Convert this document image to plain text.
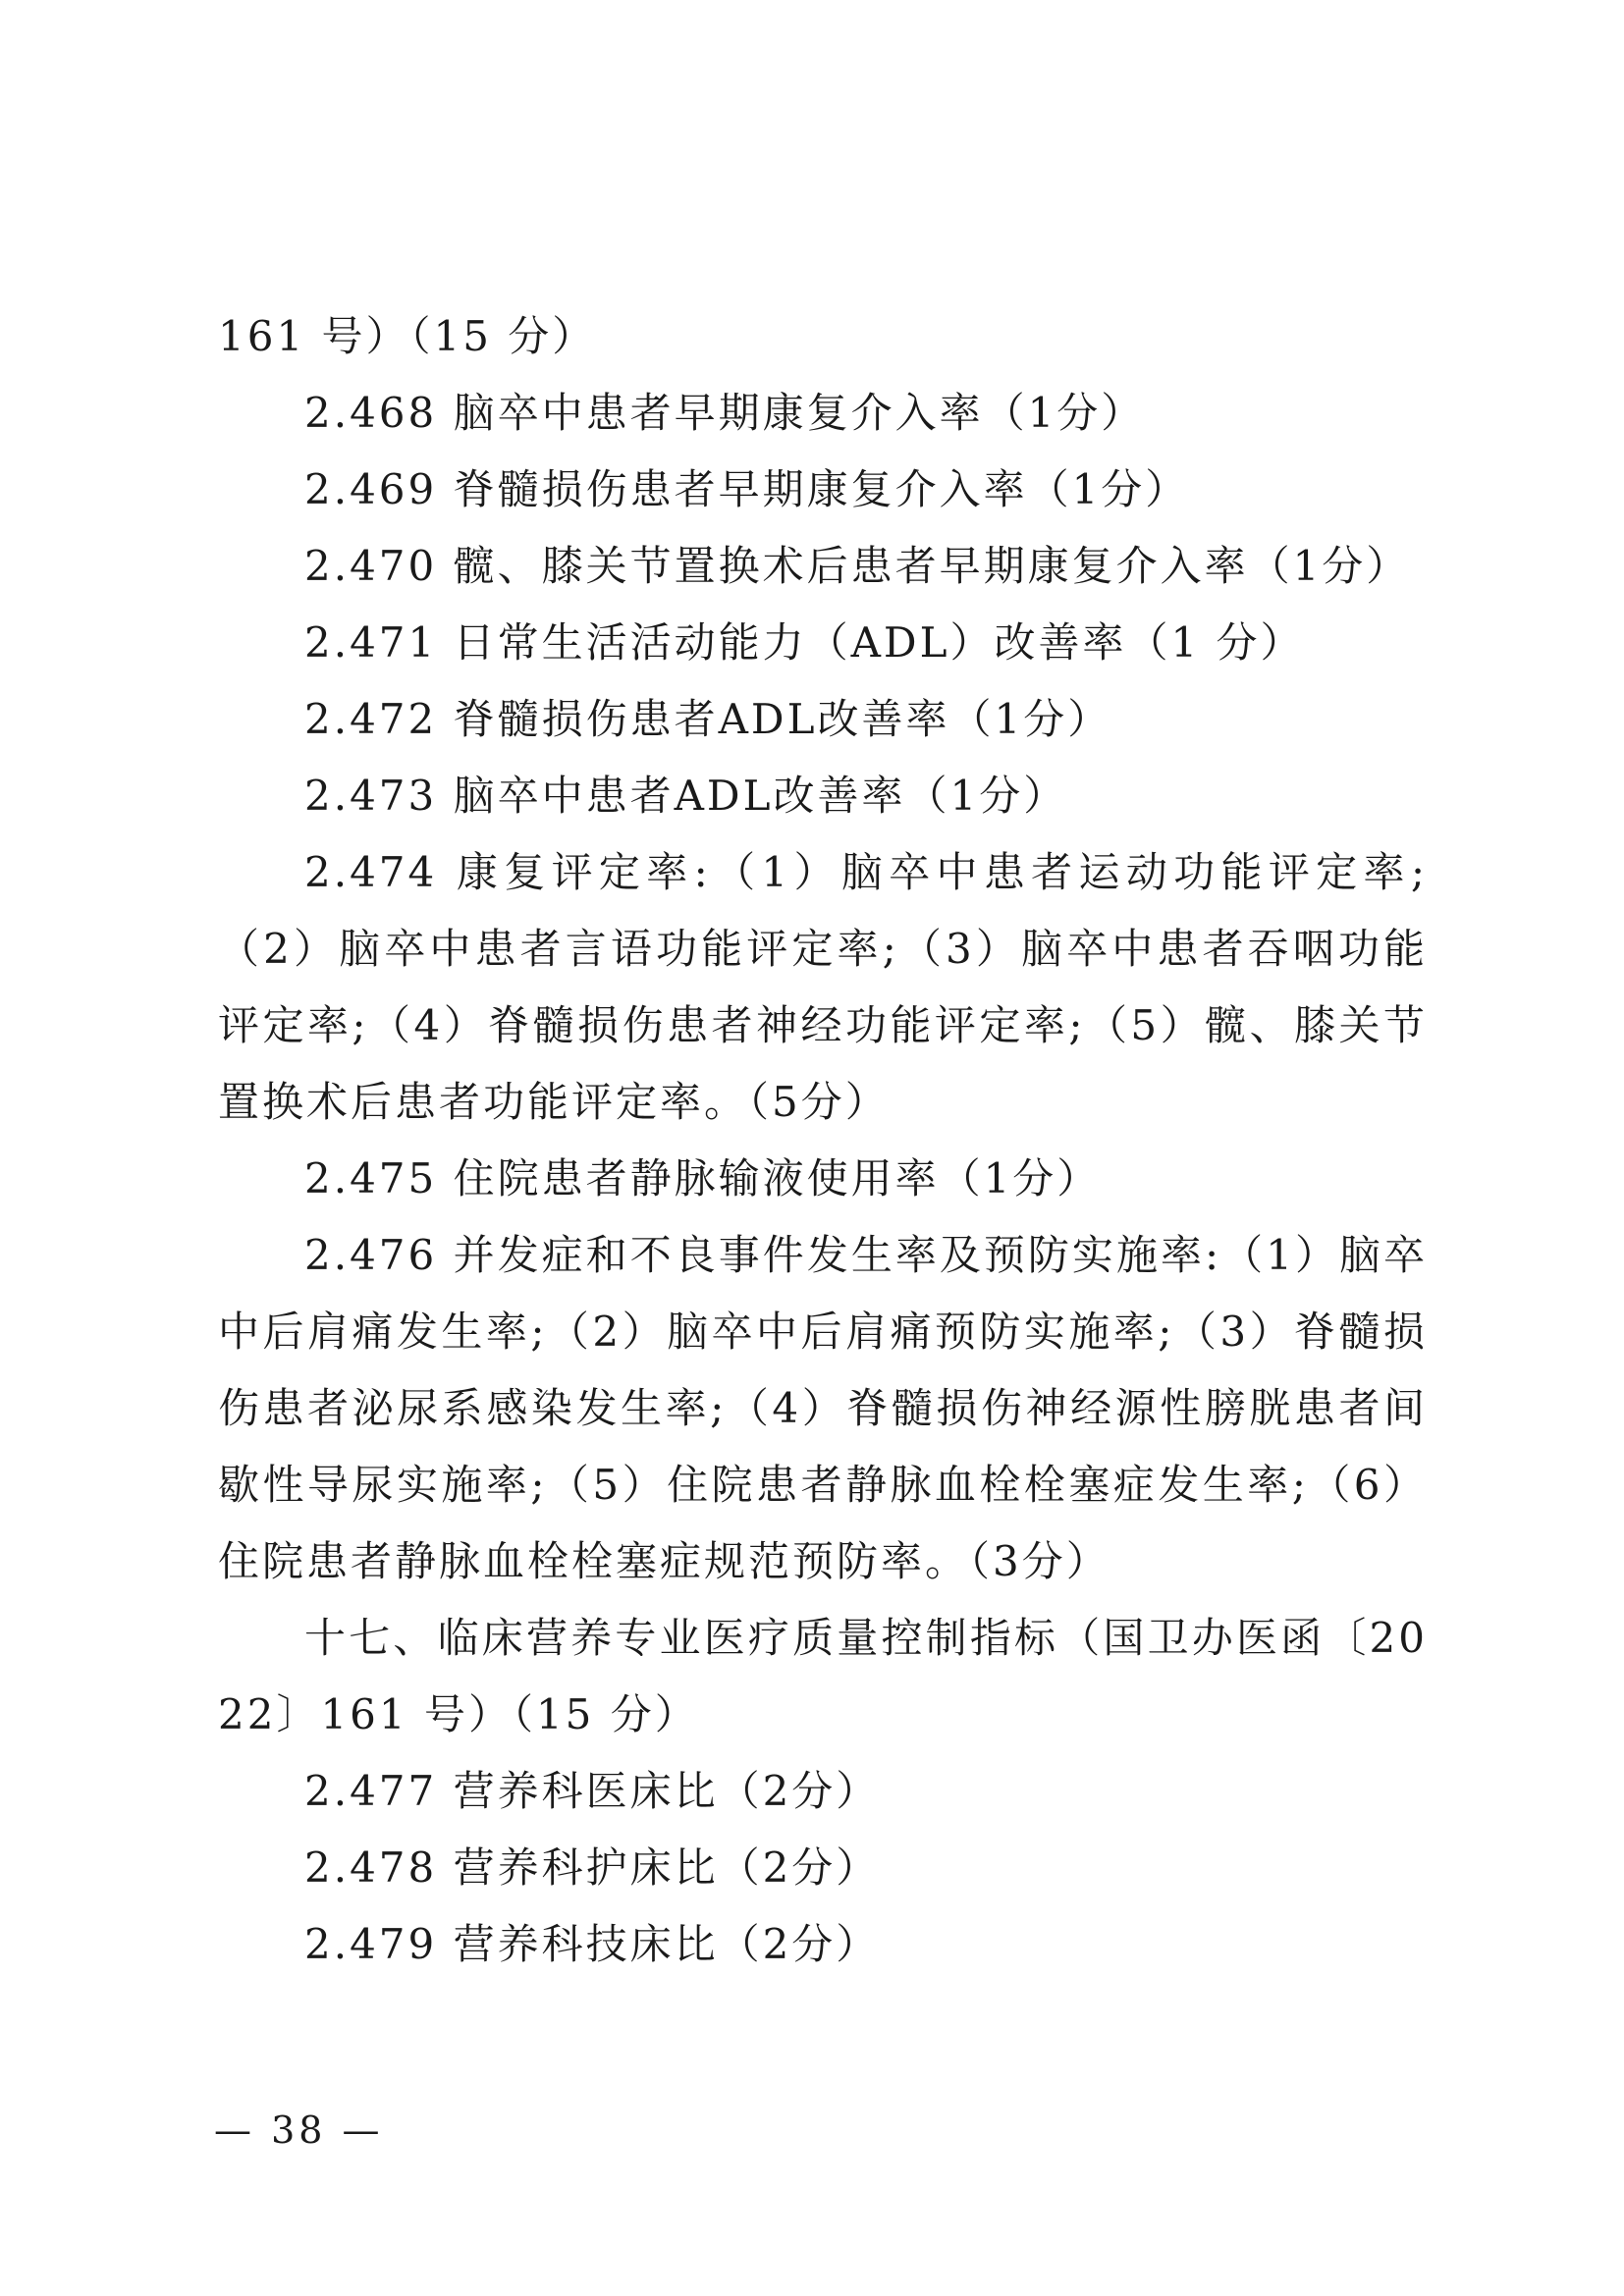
161 号）（15 分）

2.468 脑卒中患者早期康复介入率（1分）

2.469 脊髓损伤患者早期康复介入率（1分）

2.470 髋、膝关节置换术后患者早期康复介入率（1分）

2.471 日常生活活动能力（ADL）改善率（1 分）

2.472 脊髓损伤患者ADL改善率（1分）

2.473 脑卒中患者ADL改善率（1分）

2.474 康复评定率:（1）脑卒中患者运动功能评定率;（2）脑卒中患者言语功能评定率;（3）脑卒中患者吞咽功能评定率;（4）脊髓损伤患者神经功能评定率;（5）髋、膝关节置换术后患者功能评定率。（5分）

2.475 住院患者静脉输液使用率（1分）

2.476 并发症和不良事件发生率及预防实施率:（1）脑卒中后肩痛发生率;（2）脑卒中后肩痛预防实施率;（3）脊髓损伤患者泌尿系感染发生率;（4）脊髓损伤神经源性膀胱患者间歇性导尿实施率;（5）住院患者静脉血栓栓塞症发生率;（6）住院患者静脉血栓栓塞症规范预防率。（3分）

十七、临床营养专业医疗质量控制指标（国卫办医函〔2022〕161 号）（15 分）

2.477 营养科医床比（2分）

2.478 营养科护床比（2分）

2.479 营养科技床比（2分）

— 38 —
